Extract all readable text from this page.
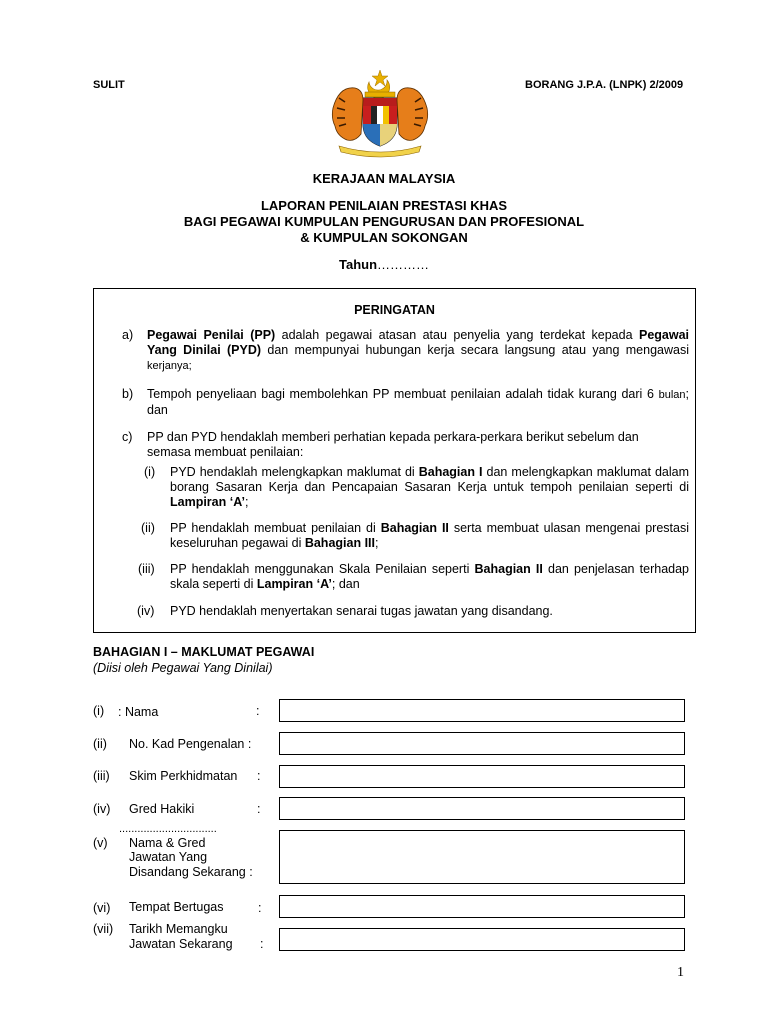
SULIT	BORANG J.P.A. (LNPK) 2/2009
KERAJAAN MALAYSIA
LAPORAN PENILAIAN PRESTASI KHAS
BAGI PEGAWAI KUMPULAN PENGURUSAN DAN PROFESIONAL
& KUMPULAN SOKONGAN
Tahun…………
PERINGATAN
a) Pegawai Penilai (PP) adalah pegawai atasan atau penyelia yang terdekat kepada Pegawai Yang Dinilai (PYD) dan mempunyai hubungan kerja secara langsung atau yang mengawasi kerjanya;
b) Tempoh penyeliaan bagi membolehkan PP membuat penilaian adalah tidak kurang dari 6 bulan; dan
c) PP dan PYD hendaklah memberi perhatian kepada perkara-perkara berikut sebelum dan semasa membuat penilaian:
(i) PYD hendaklah melengkapkan maklumat di Bahagian I dan melengkapkan maklumat dalam borang Sasaran Kerja dan Pencapaian Sasaran Kerja untuk tempoh penilaian seperti di Lampiran ‘A’;
(ii) PP hendaklah membuat penilaian di Bahagian II serta membuat ulasan mengenai prestasi keseluruhan pegawai di Bahagian III;
(iii) PP hendaklah menggunakan Skala Penilaian seperti Bahagian II dan penjelasan terhadap skala seperti di Lampiran ‘A’; dan
(iv) PYD hendaklah menyertakan senarai tugas jawatan yang disandang.
BAHAGIAN I – MAKLUMAT PEGAWAI
(Diisi oleh Pegawai Yang Dinilai)
(i) : Nama	:
(ii) No. Kad Pengenalan :
(iii) Skim Perkhidmatan :
(iv) Gred Hakiki	:
................................
(v) Nama & Gred
Jawatan Yang
Disandang Sekarang :
(vi) Tempat Bertugas	:
(vii) Tarikh Memangku
Jawatan Sekarang :
1
